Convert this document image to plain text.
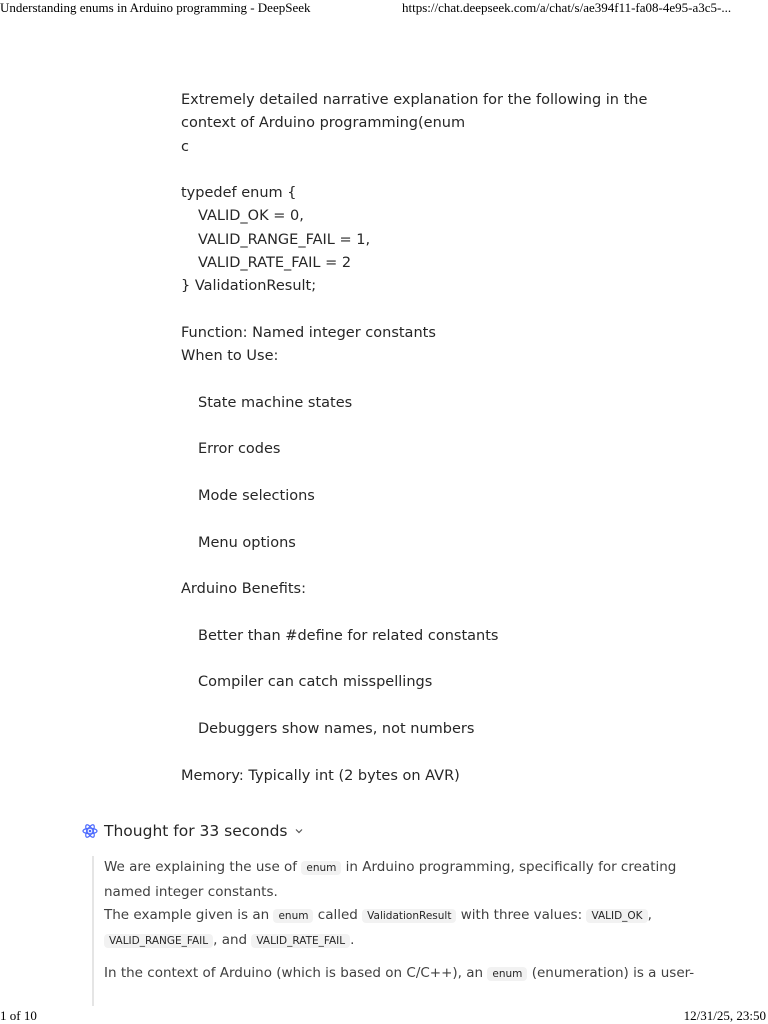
Understanding enums in Arduino programming - DeepSeek	https://chat.deepseek.com/a/chat/s/ae394f11-fa08-4e95-a3c5-...
Extremely detailed narrative explanation for the following in the
context of Arduino programming(enum
c
typedef enum {
VALID_OK = 0,
VALID_RANGE_FAIL = 1,
VALID_RATE_FAIL = 2
} ValidationResult;
Function: Named integer constants
When to Use:
State machine states
Error codes
Mode selections
Menu options
Arduino Benefits:
Better than #define for related constants
Compiler can catch misspellings
Debuggers show names, not numbers
Memory: Typically int (2 bytes on AVR)
Thought for 33 seconds

We are explaining the use of enum in Arduino programming, specifically for creating named integer constants.
The example given is an enum called ValidationResult with three values: VALID_OK , VALID_RANGE_FAIL , and VALID_RATE_FAIL .

In the context of Arduino (which is based on C/C++), an enum (enumeration) is a user-

1 of 10	12/31/25, 23:50
